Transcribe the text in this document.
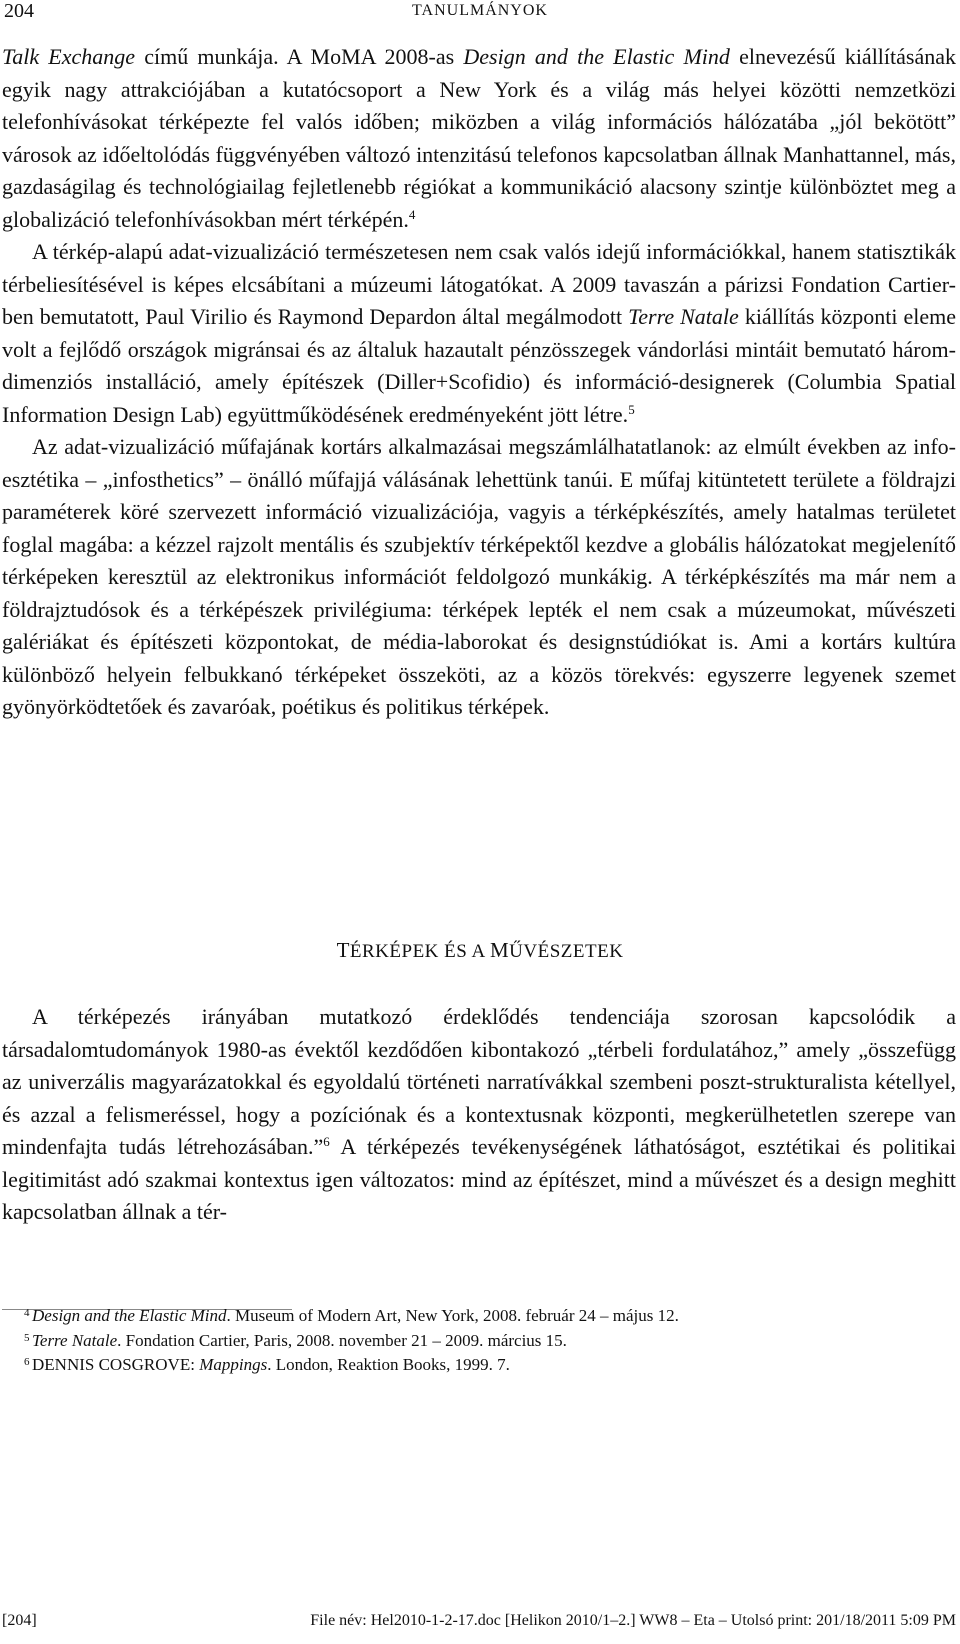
204	TANULMÁNYOK

Talk Exchange című munkája. A MoMA 2008-as Design and the Elastic Mind elnevezésű kiállításának egyik nagy attrakciójában a kutatócsoport a New York és a világ más helyei közötti nemzetközi telefonhívásokat térképezte fel valós időben; miközben a világ információs hálózatába „jól bekötött” városok az időeltolódás függvényében változó intenzitású telefonos kapcsolatban állnak Manhattannel, más, gazdaságilag és technológiailag fejletlenebb régiókat a kommunikáció alacsony szintje különböztet meg a globalizáció telefonhívásokban mért térképén.$^4$

A térkép-alapú adat-vizualizáció természetesen nem csak valós idejű információkkal, hanem statisztikák térbeliesítésével is képes elcsábítani a múzeumi látogatókat. A 2009 tavaszán a párizsi Fondation Cartier-ben bemutatott, Paul Virilio és Raymond Depardon által megálmodott Terre Natale kiállítás központi eleme volt a fejlődő országok migránsai és az általuk hazautalt pénzösszegek vándorlási mintáit bemutató három-dimenziós installáció, amely építészek (Diller+Scofidio) és információ-designerek (Columbia Spatial Information Design Lab) együttműködésének eredményeként jött létre.$^5$

Az adat-vizualizáció műfajának kortárs alkalmazásai megszámlálhatatlanok: az elmúlt években az info-esztétika – „infosthetics” – önálló műfajjá válásának lehettünk tanúi. E műfaj kitüntetett területe a földrajzi paraméterek köré szervezett információ vizualizációja, vagyis a térképkészítés, amely hatalmas területet foglal magába: a kézzel rajzolt mentális és szubjektív térképektől kezdve a globális hálózatokat megjelenítő térképeken keresztül az elektronikus információt feldolgozó munkákig. A térképkészítés ma már nem a földrajztudósok és a térképészek privilégiuma: térképek lepték el nem csak a múzeumokat, művészeti galériákat és építészeti központokat, de média-laborokat és designstúdiókat is. Ami a kortárs kultúra különböző helyein felbukkanó térképeket összeköti, az a közös törekvés: egyszerre legyenek szemet gyönyörködtetőek és zavaróak, poétikus és politikus térképek.

TÉRKÉPEK ÉS A MŰVÉSZETEK

A térképezés irányában mutatkozó érdeklődés tendenciája szorosan kapcsolódik a társadalomtudományok 1980-as évektől kezdődően kibontakozó „térbeli fordulatához,” amely „összefügg az univerzális magyarázatokkal és egyoldalú történeti narratívákkal szembeni poszt-strukturalista kétellyel, és azzal a felismeréssel, hogy a pozíciónak és a kontextusnak központi, megkerülhetetlen szerepe van mindenfajta tudás létrehozásában.”$^6$ A térképezés tevékenységének láthatóságot, esztétikai és politikai legitimitást adó szakmai kontextus igen változatos: mind az építészet, mind a művészet és a design meghitt kapcsolatban állnak a tér-

4 Design and the Elastic Mind. Museum of Modern Art, New York, 2008. február 24 – május 12.

5 Terre Natale. Fondation Cartier, Paris, 2008. november 21 – 2009. március 15.

6 DENNIS COSGROVE: Mappings. London, Reaktion Books, 1999. 7.

[204]	File név: Hel2010-1-2-17.doc [Helikon 2010/1–2.] WW8 – Eta – Utolsó print: 201/18/2011 5:09 PM
